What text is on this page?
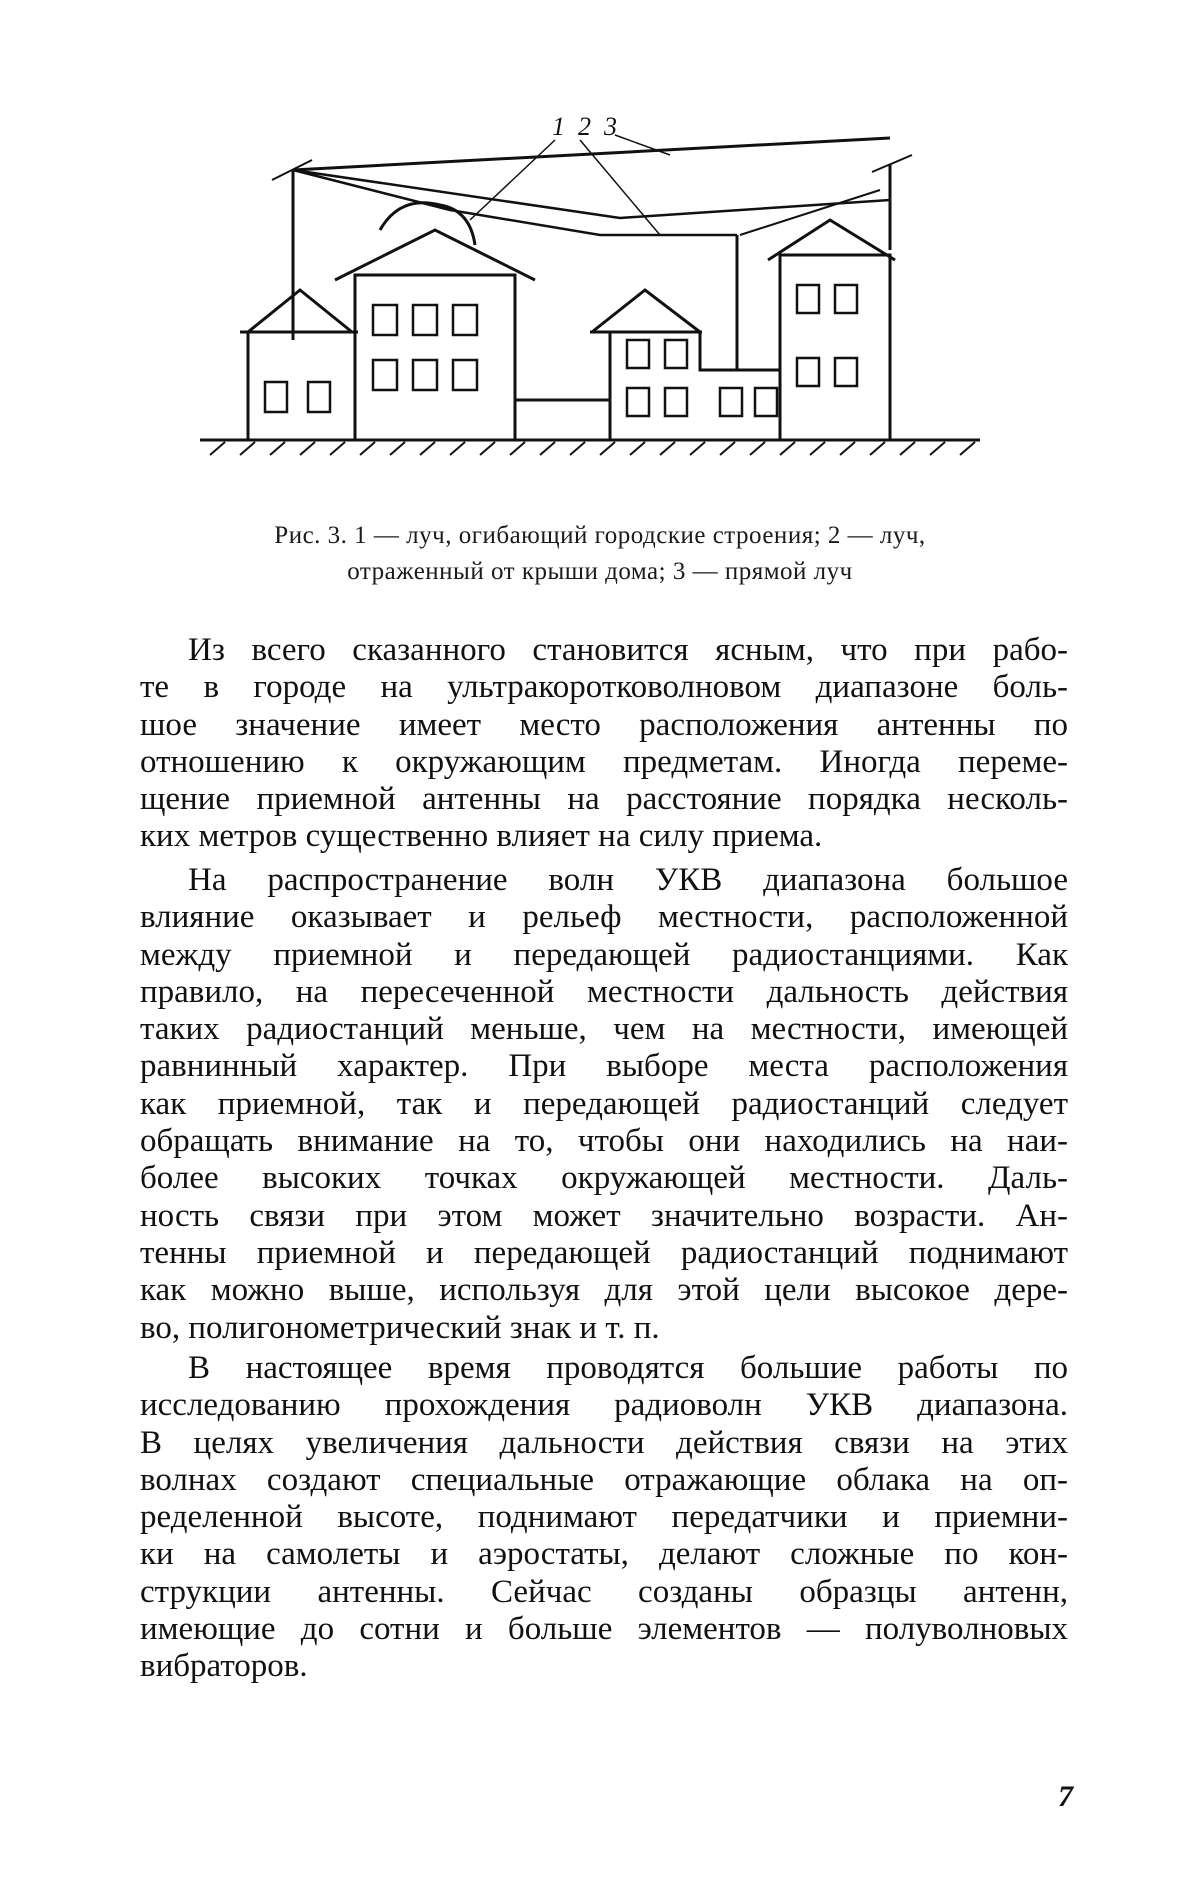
1 2 3
Рис. 3. 1 — луч, огибающий городские строения; 2 — луч,
отраженный от крыши дома; 3 — прямой луч
Из всего сказанного становится ясным, что при рабо-
те в городе на ультракоротковолновом диапазоне боль-
шое значение имеет место расположения антенны по
отношению к окружающим предметам. Иногда переме-
щение приемной антенны на расстояние порядка несколь-
ких метров существенно влияет на силу приема.
На распространение волн УКВ диапазона большое
влияние оказывает и рельеф местности, расположенной
между приемной и передающей радиостанциями. Как
правило, на пересеченной местности дальность действия
таких радиостанций меньше, чем на местности, имеющей
равнинный характер. При выборе места расположения
как приемной, так и передающей радиостанций следует
обращать внимание на то, чтобы они находились на наи-
более высоких точках окружающей местности. Даль-
ность связи при этом может значительно возрасти. Ан-
тенны приемной и передающей радиостанций поднимают
как можно выше, используя для этой цели высокое дере-
во, полигонометрический знак и т. п.
В настоящее время проводятся большие работы по
исследованию прохождения радиоволн УКВ диапазона.
В целях увеличения дальности действия связи на этих
волнах создают специальные отражающие облака на оп-
ределенной высоте, поднимают передатчики и приемни-
ки на самолеты и аэростаты, делают сложные по кон-
струкции антенны. Сейчас созданы образцы антенн,
имеющие до сотни и больше элементов — полуволновых
вибраторов.
7
